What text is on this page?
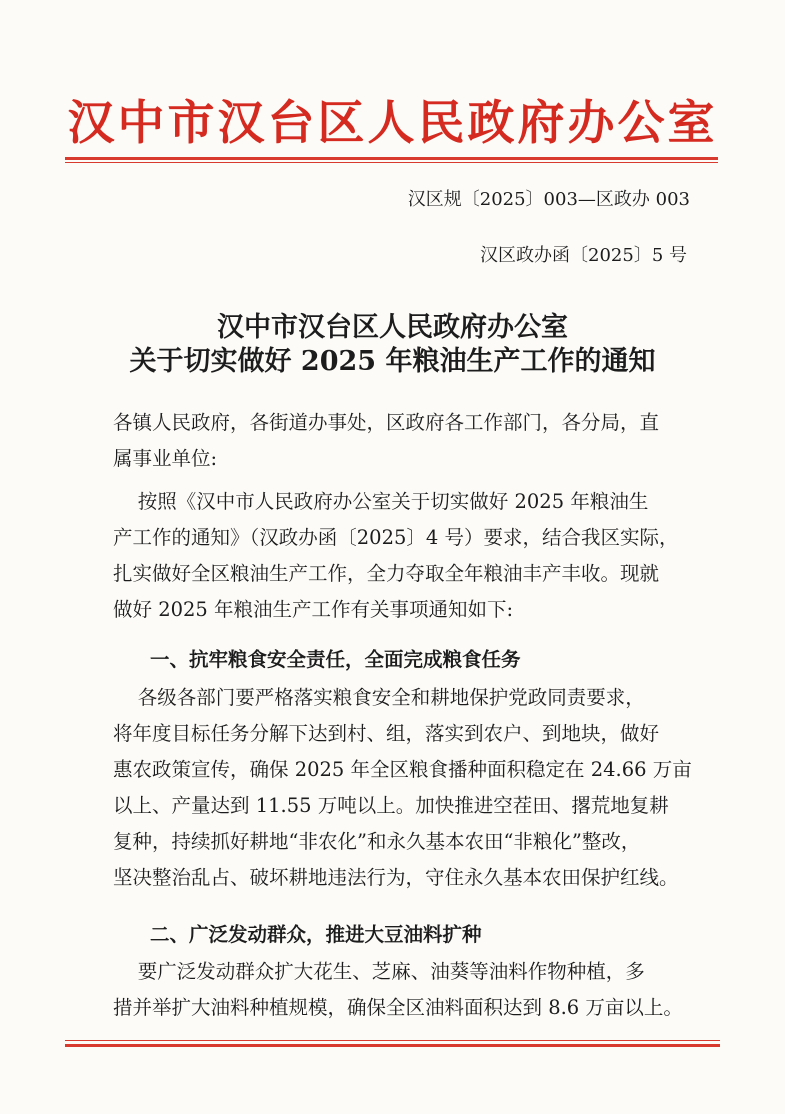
汉中市汉台区人民政府办公室
汉区规〔2025〕003—区政办 003
汉区政办函〔2025〕5 号
汉中市汉台区人民政府办公室
关于切实做好 2025 年粮油生产工作的通知
各镇人民政府，各街道办事处，区政府各工作部门，各分局，直
属事业单位:
按照《汉中市人民政府办公室关于切实做好 2025 年粮油生
产工作的通知》（汉政办函〔2025〕4 号）要求，结合我区实际，
扎实做好全区粮油生产工作，全力夺取全年粮油丰产丰收。现就
做好 2025 年粮油生产工作有关事项通知如下:
一、抗牢粮食安全责任，全面完成粮食任务
各级各部门要严格落实粮食安全和耕地保护党政同责要求，
将年度目标任务分解下达到村、组，落实到农户、到地块，做好
惠农政策宣传，确保 2025 年全区粮食播种面积稳定在 24.66 万亩
以上、产量达到 11.55 万吨以上。加快推进空茬田、撂荒地复耕
复种，持续抓好耕地“非农化”和永久基本农田“非粮化”整改，
坚决整治乱占、破坏耕地违法行为，守住永久基本农田保护红线。
二、广泛发动群众，推进大豆油料扩种
要广泛发动群众扩大花生、芝麻、油葵等油料作物种植，多
措并举扩大油料种植规模，确保全区油料面积达到 8.6 万亩以上。
